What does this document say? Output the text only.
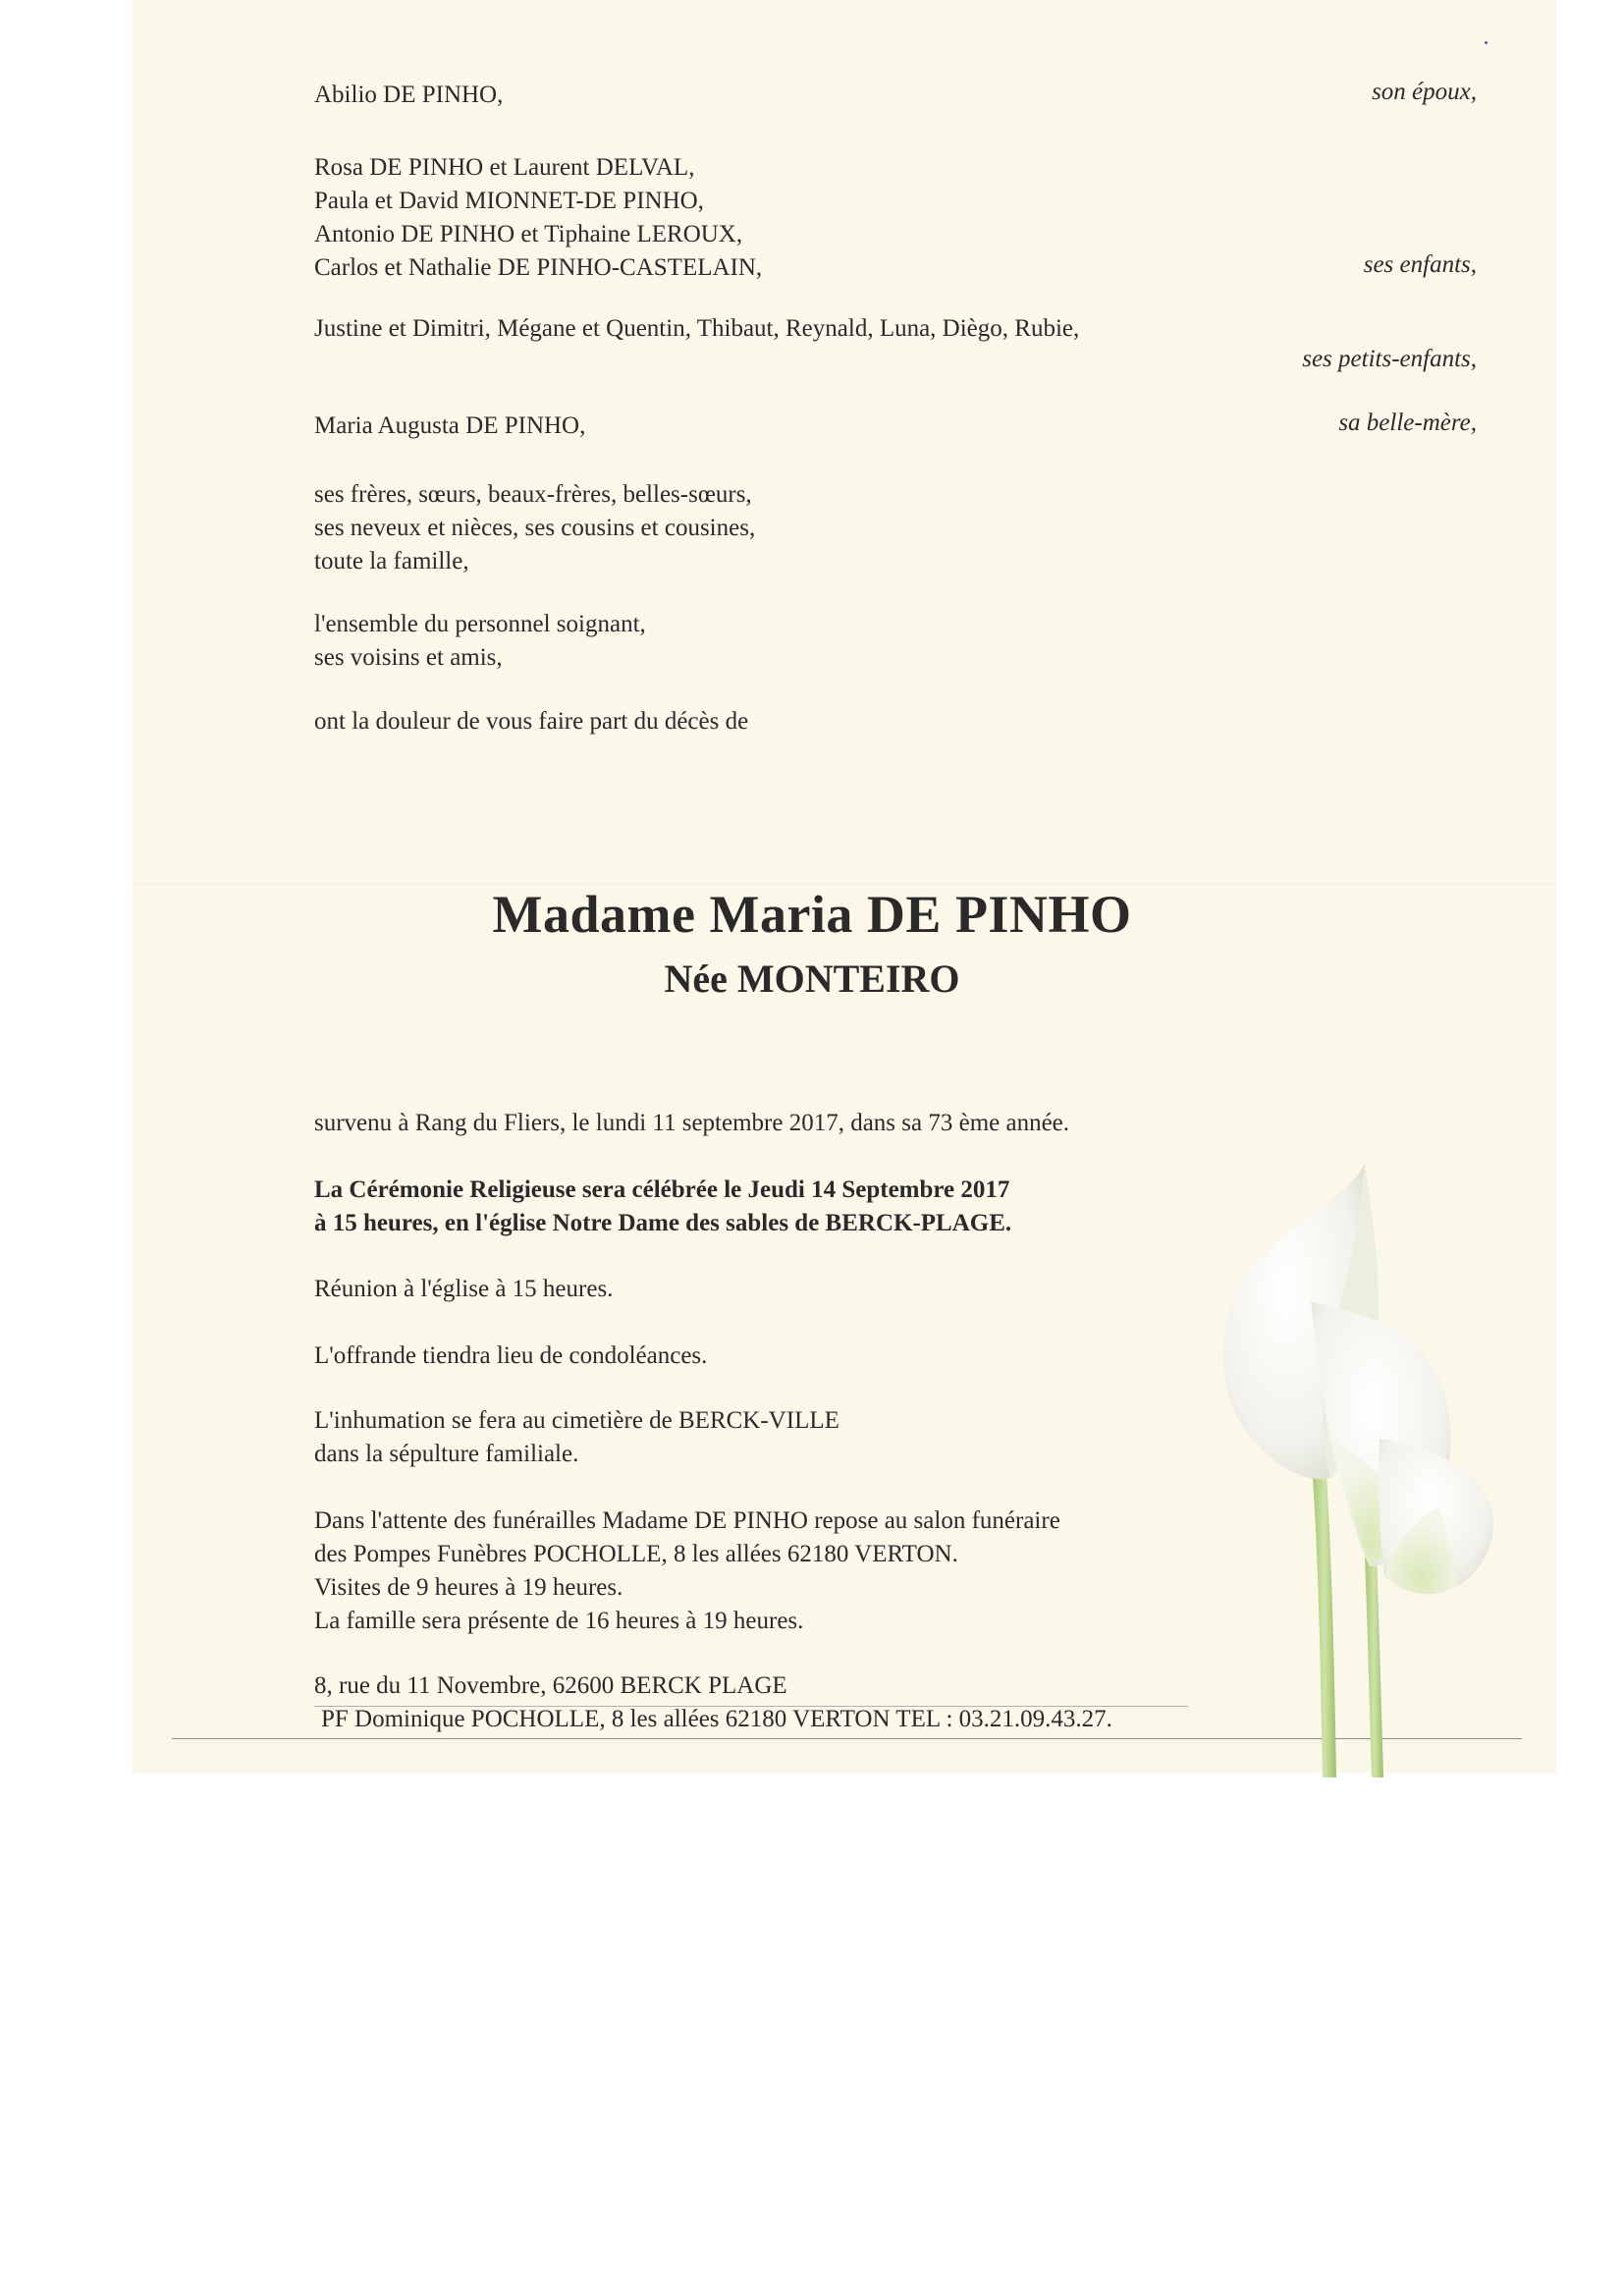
Abilio DE PINHO,	son époux,
Rosa DE PINHO et Laurent DELVAL,
Paula et David MIONNET-DE PINHO,
Antonio DE PINHO et Tiphaine LEROUX,
Carlos et Nathalie DE PINHO-CASTELAIN,	ses enfants,
Justine et Dimitri, Mégane et Quentin, Thibaut, Reynald, Luna, Diègo, Rubie,
ses petits-enfants,
Maria Augusta DE PINHO,	sa belle-mère,
ses frères, sœurs, beaux-frères, belles-sœurs,
ses neveux et nièces, ses cousins et cousines,
toute la famille,
l'ensemble du personnel soignant,
ses voisins et amis,
ont la douleur de vous faire part du décès de
Madame Maria DE PINHO
Née MONTEIRO
survenu à Rang du Fliers, le lundi 11 septembre 2017, dans sa 73 ème année.
La Cérémonie Religieuse sera célébrée le Jeudi 14 Septembre 2017
à 15 heures, en l'église Notre Dame des sables de BERCK-PLAGE.
Réunion à l'église à 15 heures.
L'offrande tiendra lieu de condoléances.
L'inhumation se fera au cimetière de BERCK-VILLE
dans la sépulture familiale.
Dans l'attente des funérailles Madame DE PINHO repose au salon funéraire
des Pompes Funèbres POCHOLLE, 8 les allées 62180 VERTON.
Visites de 9 heures à 19 heures.
La famille sera présente de 16 heures à 19 heures.
8, rue du 11 Novembre, 62600 BERCK PLAGE
PF Dominique POCHOLLE, 8 les allées 62180 VERTON TEL : 03.21.09.43.27.
